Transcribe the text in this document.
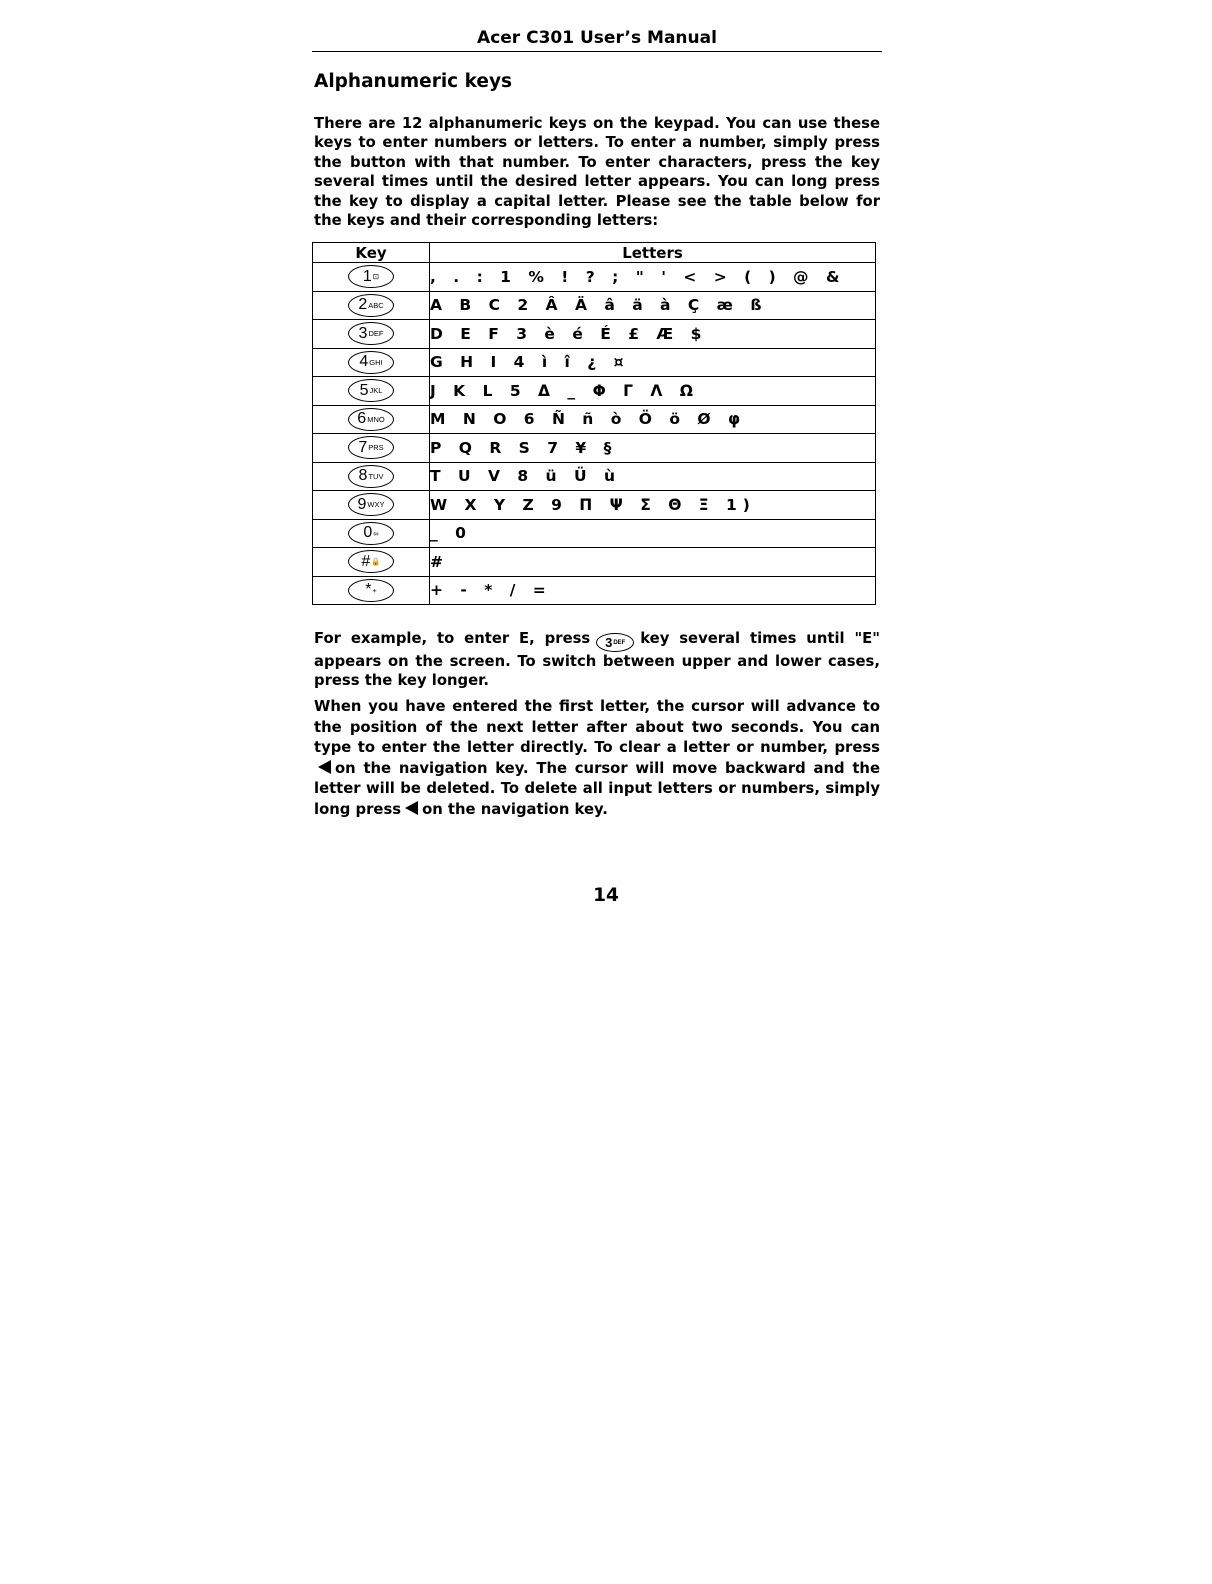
Acer C301 User’s Manual
Alphanumeric keys

There are 12 alphanumeric keys on the keypad. You can use these keys to enter numbers or letters. To enter a number, simply press the button with that number. To enter characters, press the key several times until the desired letter appears. You can long press the key to display a capital letter. Please see the table below for the keys and their corresponding letters:

Key	Letters

1 ⊡	, . : 1 % ! ? ; " ' < > ( ) @ &

2 ABC	A B C 2 Â Ä â ä à Ç æ ß

3 DEF	D E F 3 è é É £ Æ $

4 GHI	G H I 4 ì î ¿ ¤

5 JKL	J K L 5 Δ _ Φ Γ Λ Ω

6 MNO	M N O 6 Ñ ñ ò Ö ö Ø φ

7 PRS	P Q R S 7 ¥ §

8 TUV	T U V 8 ü Ü ù

9 WXY	W X Y Z 9 Π Ψ Σ Θ Ξ 1)

0 ∞	_ 0

# 🔒	#

* +	+ - * / =

For example, to enter E, press 3 DEF key several times until "E" appears on the screen. To switch between upper and lower cases, press the key longer.

When you have entered the first letter, the cursor will advance to the position of the next letter after about two seconds. You can type to enter the letter directly. To clear a letter or number, presson the navigation key. The cursor will move backward and the letter will be deleted. To delete all input letters or numbers, simply long press on the navigation key.

14
